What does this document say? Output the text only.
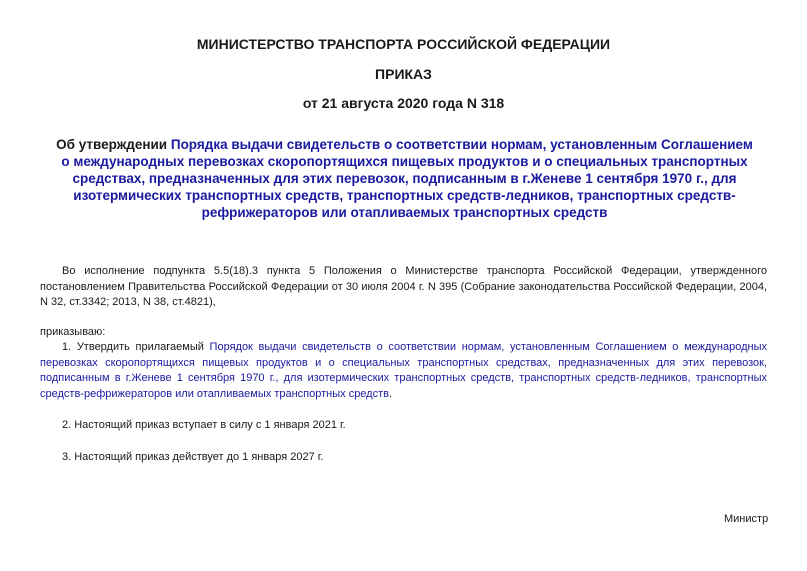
МИНИСТЕРСТВО ТРАНСПОРТА РОССИЙСКОЙ ФЕДЕРАЦИИ
ПРИКАЗ
от 21 августа 2020 года N 318
Об утверждении Порядка выдачи свидетельств о соответствии нормам, установленным Соглашением о международных перевозках скоропортящихся пищевых продуктов и о специальных транспортных средствах, предназначенных для этих перевозок, подписанным в г.Женеве 1 сентября 1970 г., для изотермических транспортных средств, транспортных средств-ледников, транспортных средств-рефрижераторов или отапливаемых транспортных средств
Во исполнение подпункта 5.5(18).3 пункта 5 Положения о Министерстве транспорта Российской Федерации, утвержденного постановлением Правительства Российской Федерации от 30 июля 2004 г. N 395 (Собрание законодательства Российской Федерации, 2004, N 32, ст.3342; 2013, N 38, ст.4821),
приказываю:
1. Утвердить прилагаемый Порядок выдачи свидетельств о соответствии нормам, установленным Соглашением о международных перевозках скоропортящихся пищевых продуктов и о специальных транспортных средствах, предназначенных для этих перевозок, подписанным в г.Женеве 1 сентября 1970 г., для изотермических транспортных средств, транспортных средств-ледников, транспортных средств-рефрижераторов или отапливаемых транспортных средств.
2. Настоящий приказ вступает в силу с 1 января 2021 г.
3. Настоящий приказ действует до 1 января 2027 г.
Министр
